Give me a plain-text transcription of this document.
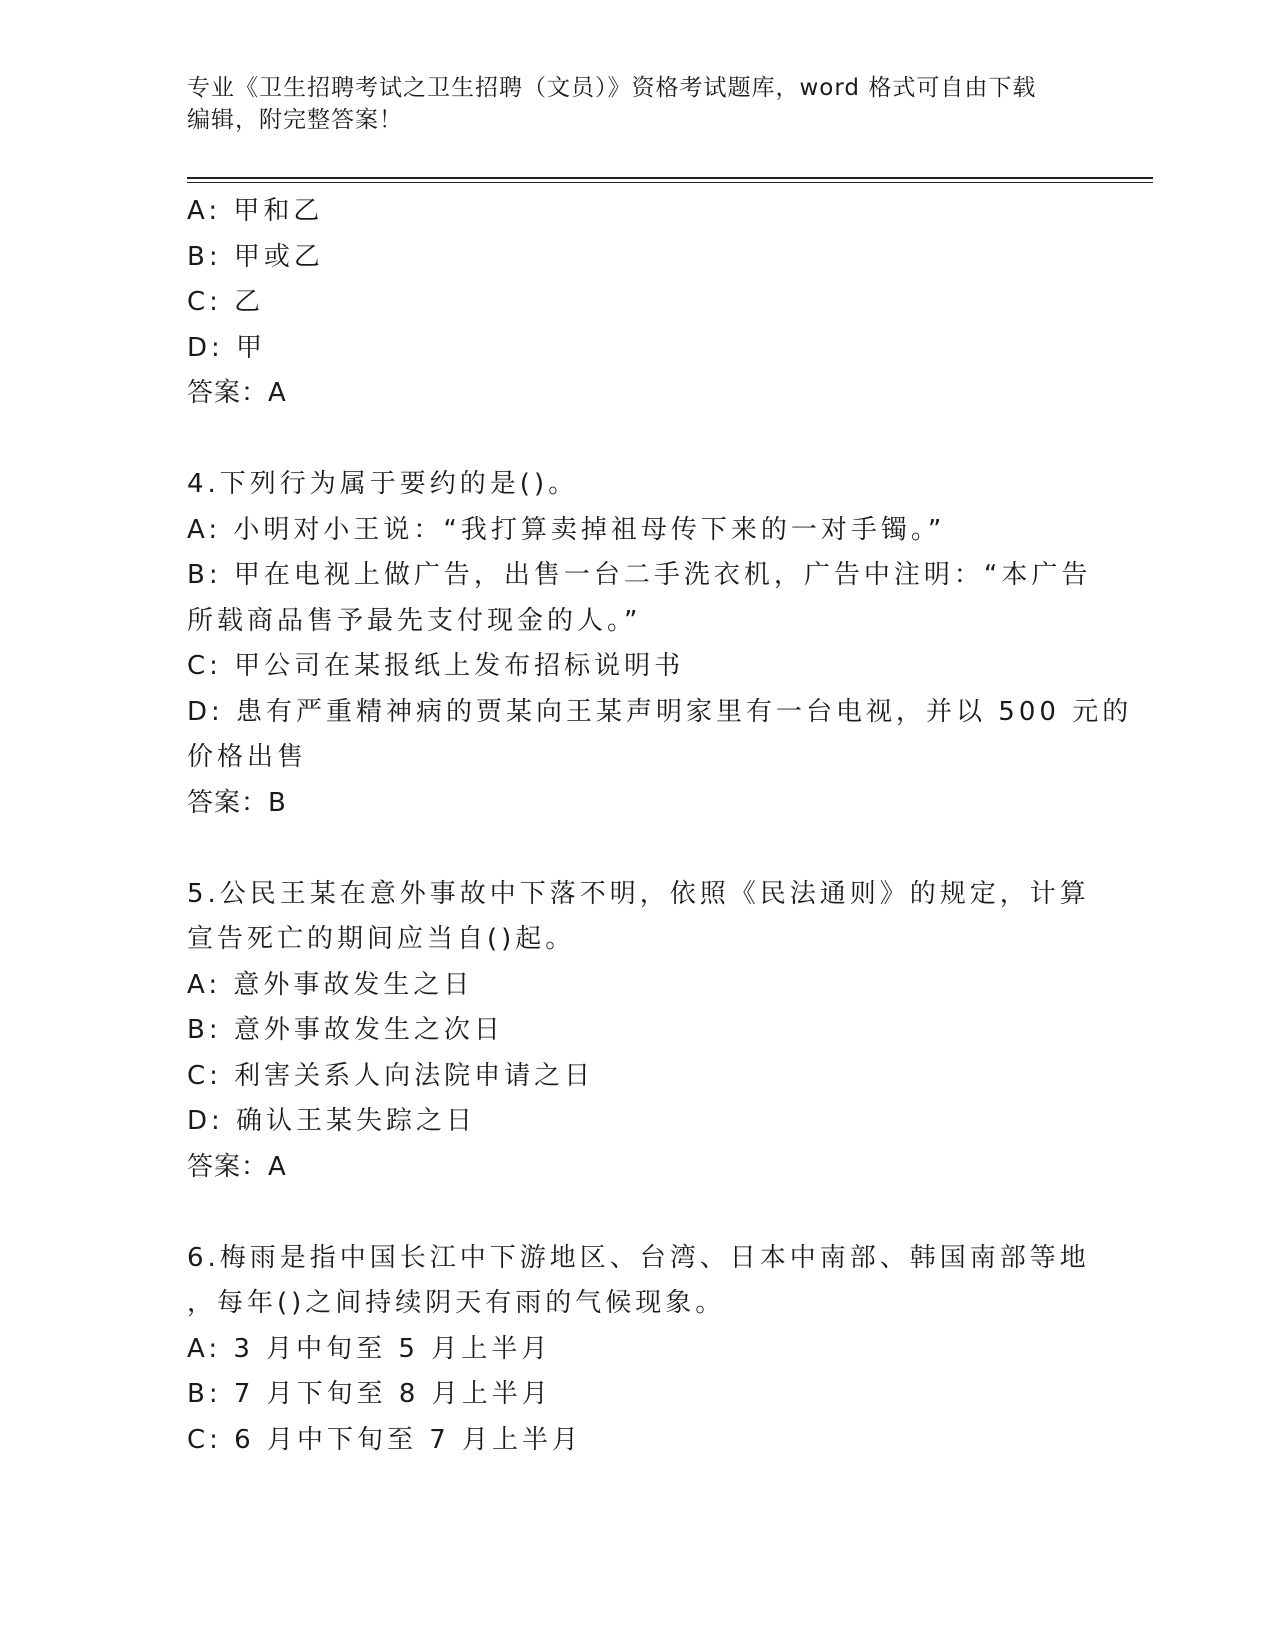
专业《卫生招聘考试之卫生招聘（文员）》资格考试题库，word 格式可自由下载
编辑，附完整答案！
A: 甲和乙
B: 甲或乙
C: 乙
D: 甲
答案：A
4.下列行为属于要约的是()。
A: 小明对小王说：“我打算卖掉祖母传下来的一对手镯。”
B: 甲在电视上做广告，出售一台二手洗衣机，广告中注明：“本广告
所载商品售予最先支付现金的人。”
C: 甲公司在某报纸上发布招标说明书
D: 患有严重精神病的贾某向王某声明家里有一台电视，并以 500 元的
价格出售
答案：B
5.公民王某在意外事故中下落不明，依照《民法通则》的规定，计算
宣告死亡的期间应当自()起。
A: 意外事故发生之日
B: 意外事故发生之次日
C: 利害关系人向法院申请之日
D: 确认王某失踪之日
答案：A
6.梅雨是指中国长江中下游地区、台湾、日本中南部、韩国南部等地
，每年()之间持续阴天有雨的气候现象。
A: 3 月中旬至 5 月上半月
B: 7 月下旬至 8 月上半月
C: 6 月中下旬至 7 月上半月
